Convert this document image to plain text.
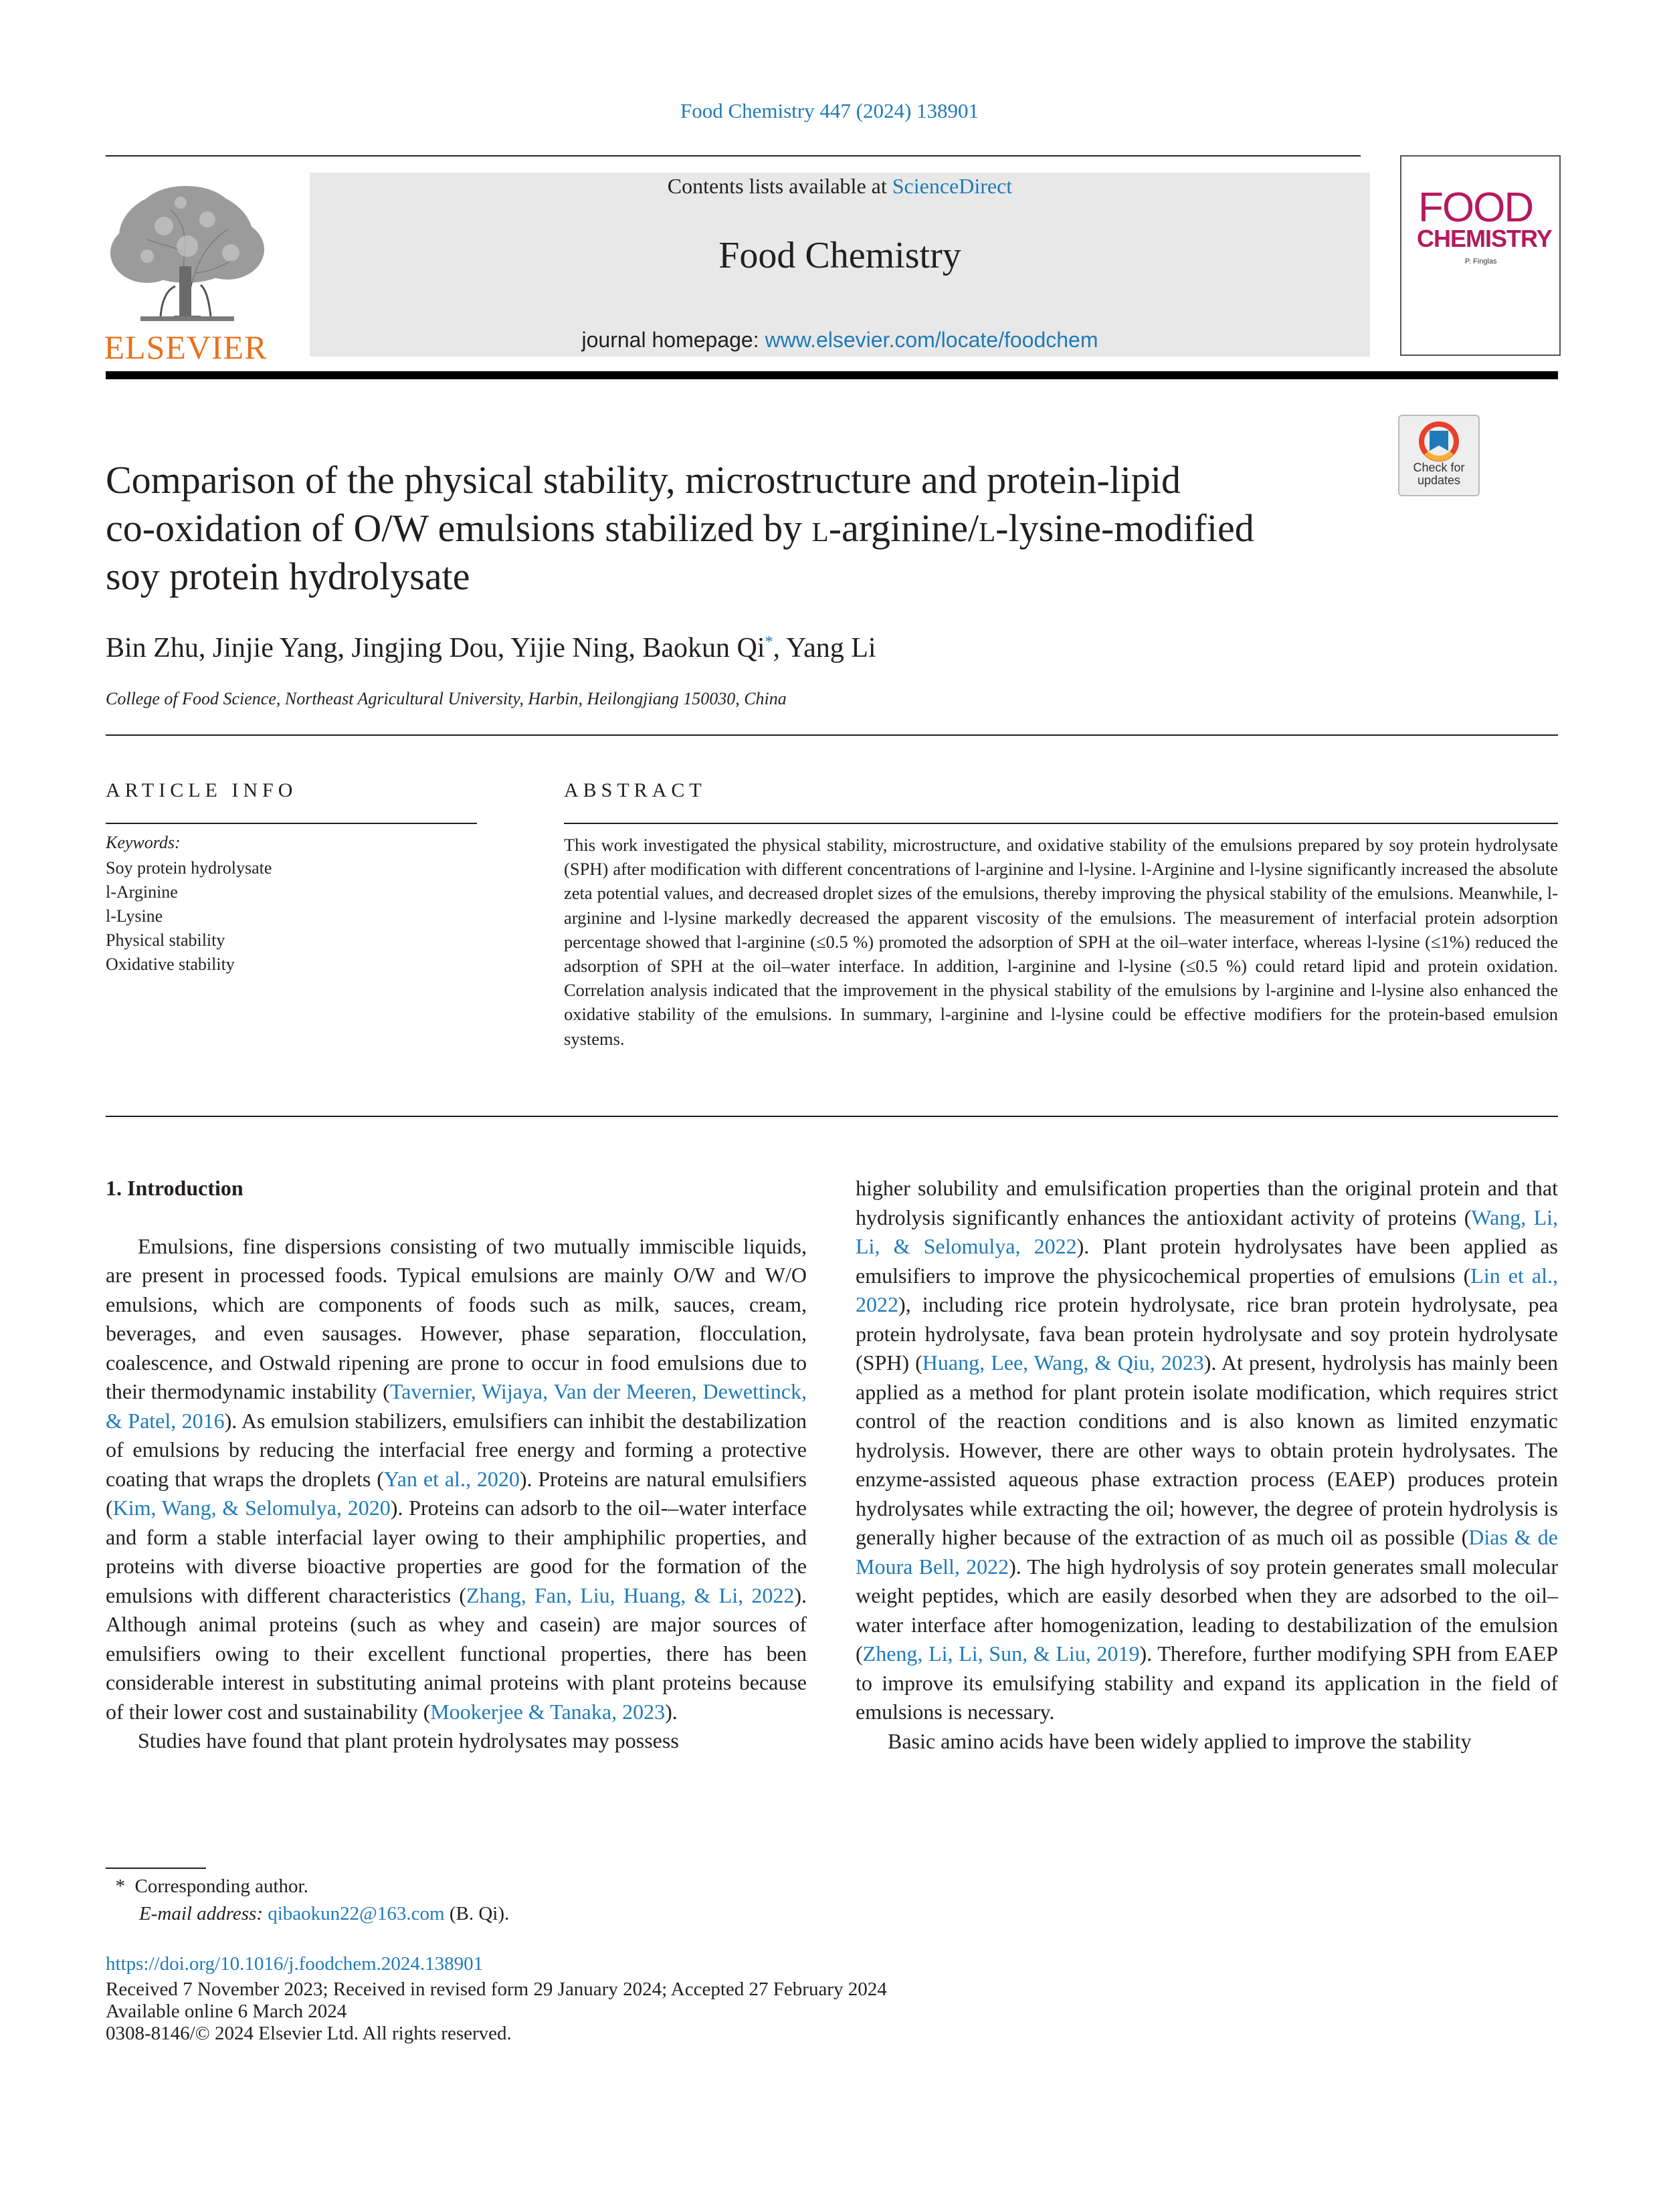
Food Chemistry 447 (2024) 138901
ELSEVIER
Contents lists available at ScienceDirect
Food Chemistry
journal homepage: www.elsevier.com/locate/foodchem
FOOD
CHEMISTRY
P. Finglas
Check for updates
Comparison of the physical stability, microstructure and protein-lipid
co-oxidation of O/W emulsions stabilized by l-arginine/l-lysine-modified
soy protein hydrolysate
Bin Zhu, Jinjie Yang, Jingjing Dou, Yijie Ning, Baokun Qi*, Yang Li
College of Food Science, Northeast Agricultural University, Harbin, Heilongjiang 150030, China
ARTICLE INFO
Keywords:
Soy protein hydrolysate
l-Arginine
l-Lysine
Physical stability
Oxidative stability
ABSTRACT
This work investigated the physical stability, microstructure, and oxidative stability of the emulsions prepared by soy protein hydrolysate (SPH) after modification with different concentrations of l-arginine and l-lysine. l-Arginine and l-lysine significantly increased the absolute zeta potential values, and decreased droplet sizes of the emulsions, thereby improving the physical stability of the emulsions. Meanwhile, l-arginine and l-lysine markedly decreased the apparent viscosity of the emulsions. The measurement of interfacial protein adsorption percentage showed that l-arginine (≤0.5 %) promoted the adsorption of SPH at the oil–water interface, whereas l-lysine (≤1%) reduced the adsorption of SPH at the oil–water interface. In addition, l-arginine and l-lysine (≤0.5 %) could retard lipid and protein oxidation. Correlation analysis indicated that the improvement in the physical stability of the emulsions by l-arginine and l-lysine also enhanced the oxidative stability of the emulsions. In summary, l-arginine and l-lysine could be effective modifiers for the protein-based emulsion systems.

1. Introduction

Emulsions, fine dispersions consisting of two mutually immiscible liquids, are present in processed foods. Typical emulsions are mainly O/W and W/O emulsions, which are components of foods such as milk, sauces, cream, beverages, and even sausages. However, phase separation, flocculation, coalescence, and Ostwald ripening are prone to occur in food emulsions due to their thermodynamic instability (Tavernier, Wijaya, Van der Meeren, Dewettinck, & Patel, 2016). As emulsion stabilizers, emulsifiers can inhibit the destabilization of emulsions by reducing the interfacial free energy and forming a protective coating that wraps the droplets (Yan et al., 2020). Proteins are natural emulsifiers (Kim, Wang, & Selomulya, 2020). Proteins can adsorb to the oil-–water interface and form a stable interfacial layer owing to their amphiphilic properties, and proteins with diverse bioactive properties are good for the formation of the emulsions with different characteristics (Zhang, Fan, Liu, Huang, & Li, 2022). Although animal proteins (such as whey and casein) are major sources of emulsifiers owing to their excellent functional properties, there has been considerable interest in substituting animal proteins with plant proteins because of their lower cost and sustainability (Mookerjee & Tanaka, 2023).

Studies have found that plant protein hydrolysates may possess

higher solubility and emulsification properties than the original protein and that hydrolysis significantly enhances the antioxidant activity of proteins (Wang, Li, Li, & Selomulya, 2022). Plant protein hydrolysates have been applied as emulsifiers to improve the physicochemical properties of emulsions (Lin et al., 2022), including rice protein hydrolysate, rice bran protein hydrolysate, pea protein hydrolysate, fava bean protein hydrolysate and soy protein hydrolysate (SPH) (Huang, Lee, Wang, & Qiu, 2023). At present, hydrolysis has mainly been applied as a method for plant protein isolate modification, which requires strict control of the reaction conditions and is also known as limited enzymatic hydrolysis. However, there are other ways to obtain protein hydrolysates. The enzyme-assisted aqueous phase extraction process (EAEP) produces protein hydrolysates while extracting the oil; however, the degree of protein hydrolysis is generally higher because of the extraction of as much oil as possible (Dias & de Moura Bell, 2022). The high hydrolysis of soy protein generates small molecular weight peptides, which are easily desorbed when they are adsorbed to the oil–water interface after homogenization, leading to destabilization of the emulsion (Zheng, Li, Li, Sun, & Liu, 2019). Therefore, further modifying SPH from EAEP to improve its emulsifying stability and expand its application in the field of emulsions is necessary.

Basic amino acids have been widely applied to improve the stability

* Corresponding author.
E-mail address: qibaokun22@163.com (B. Qi).
https://doi.org/10.1016/j.foodchem.2024.138901
Received 7 November 2023; Received in revised form 29 January 2024; Accepted 27 February 2024
Available online 6 March 2024
0308-8146/© 2024 Elsevier Ltd. All rights reserved.
